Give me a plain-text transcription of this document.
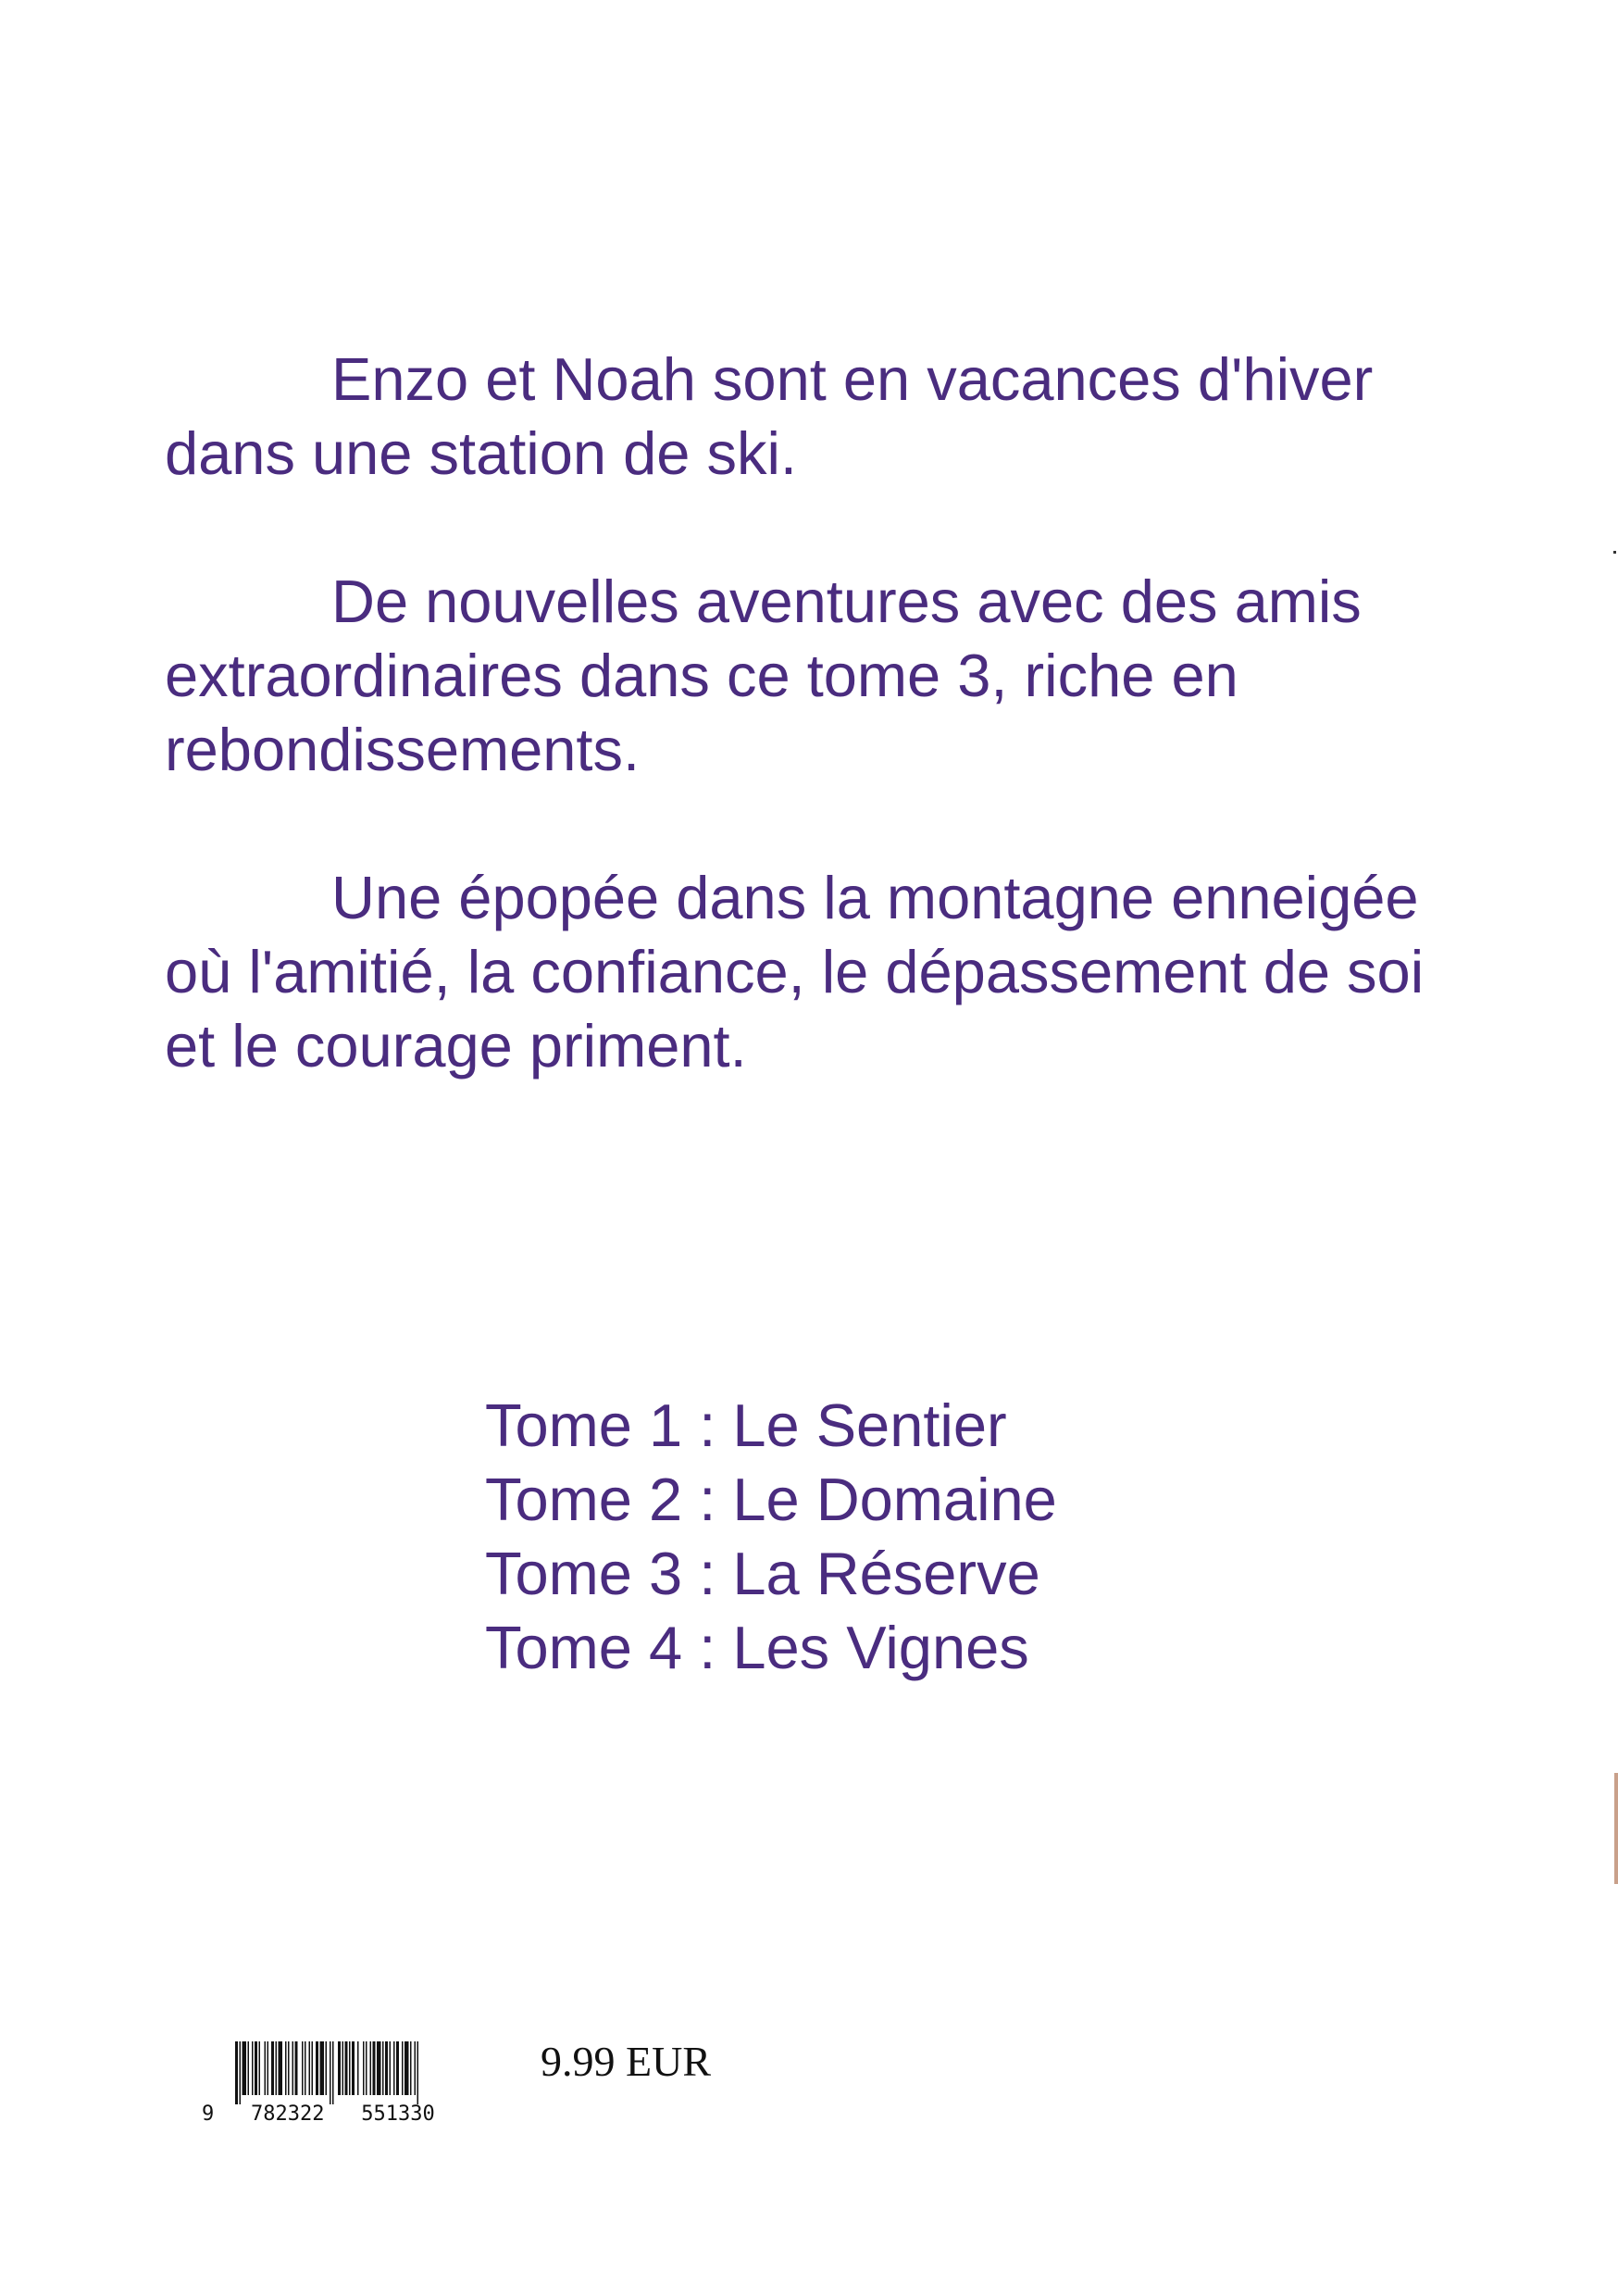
Enzo et Noah sont en vacances d'hiver dans une station de ski.

De nouvelles aventures avec des amis extraordinaires dans ce tome 3, riche en rebondissements.

Une épopée dans la montagne enneigée où l'amitié, la confiance, le dépassement de soi et le courage priment.

Tome 1 : Le Sentier
Tome 2 : Le Domaine
Tome 3 : La Réserve
Tome 4 : Les Vignes
9 782322 551330
9.99 EUR
